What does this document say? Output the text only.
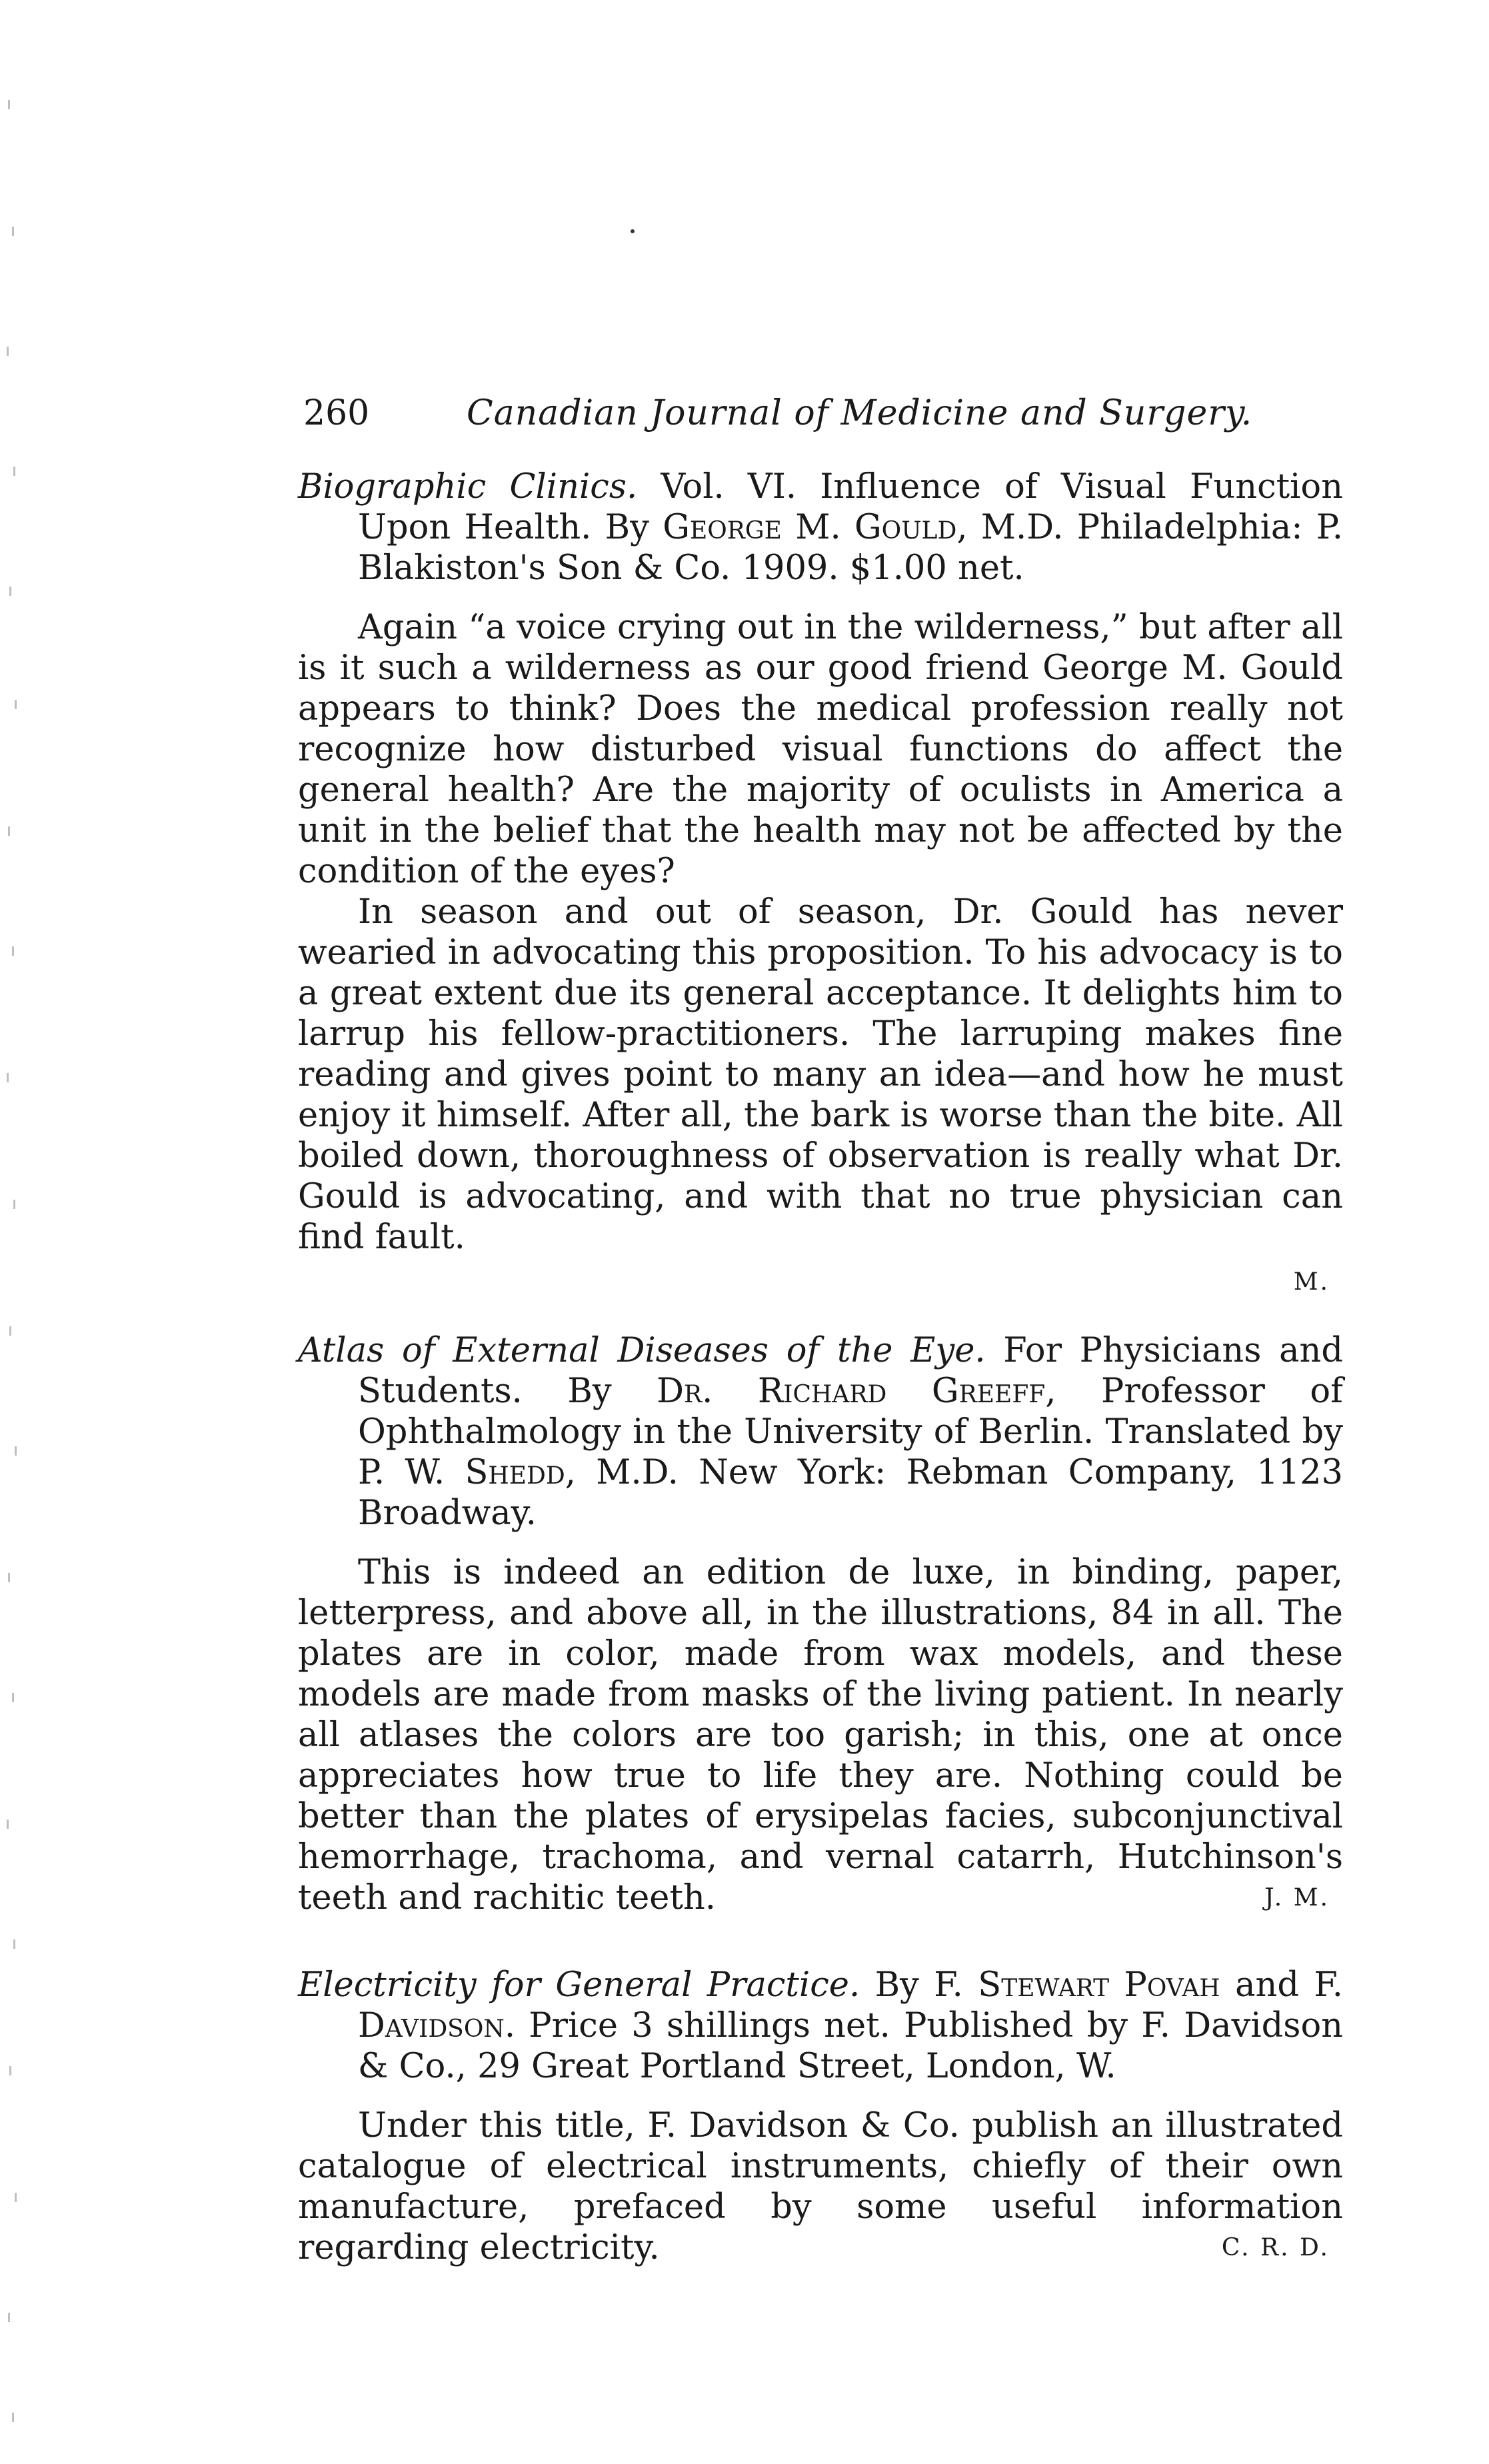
260	Canadian Journal of Medicine and Surgery.

Biographic Clinics. Vol. VI. Influence of Visual Function Upon Health. By George M. Gould, M.D. Philadelphia: P. Blakiston's Son & Co. 1909. $1.00 net.

Again “a voice crying out in the wilderness,” but after all is it such a wilderness as our good friend George M. Gould appears to think? Does the medical profession really not recognize how disturbed visual functions do affect the general health? Are the majority of oculists in America a unit in the belief that the health may not be affected by the condition of the eyes?

In season and out of season, Dr. Gould has never wearied in advocating this proposition. To his advocacy is to a great extent due its general acceptance. It delights him to larrup his fellow-practitioners. The larruping makes fine reading and gives point to many an idea—and how he must enjoy it himself. After all, the bark is worse than the bite. All boiled down, thoroughness of observation is really what Dr. Gould is advocating, and with that no true physician can find fault.

M.

Atlas of External Diseases of the Eye. For Physicians and Students. By Dr. Richard Greeff, Professor of Ophthalmology in the University of Berlin. Translated by P. W. Shedd, M.D. New York: Rebman Company, 1123 Broadway.

This is indeed an edition de luxe, in binding, paper, letterpress, and above all, in the illustrations, 84 in all. The plates are in color, made from wax models, and these models are made from masks of the living patient. In nearly all atlases the colors are too garish; in this, one at once appreciates how true to life they are. Nothing could be better than the plates of erysipelas facies, subconjunctival hemorrhage, trachoma, and vernal catarrh, Hutchinson's teeth and rachitic teeth.	J. M.

Electricity for General Practice. By F. Stewart Povah and F. Davidson. Price 3 shillings net. Published by F. Davidson & Co., 29 Great Portland Street, London, W.

Under this title, F. Davidson & Co. publish an illustrated catalogue of electrical instruments, chiefly of their own manufacture, prefaced by some useful information regarding electricity.	C. R. D.
